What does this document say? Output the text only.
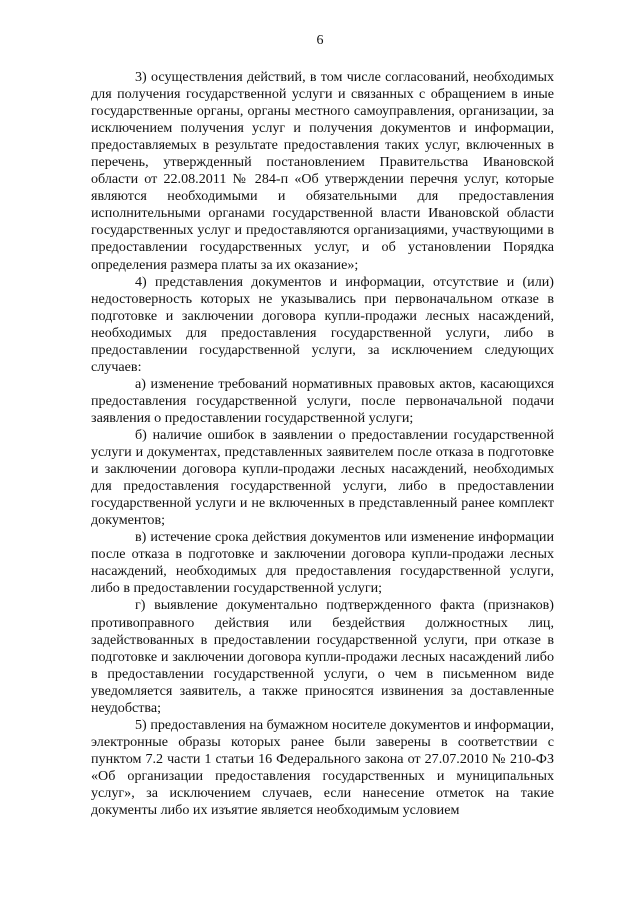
6

3) осуществления действий, в том числе согласований, необходимых для получения государственной услуги и связанных с обращением в иные государственные органы, органы местного самоуправления, организации, за исключением получения услуг и получения документов и информации, предоставляемых в результате предоставления таких услуг, включенных в перечень, утвержденный постановлением Правительства Ивановской области от 22.08.2011 № 284-п «Об утверждении перечня услуг, которые являются необходимыми и обязательными для предоставления исполнительными органами государственной власти Ивановской области государственных услуг и предоставляются организациями, участвующими в предоставлении государственных услуг, и об установлении Порядка определения размера платы за их оказание»;

4) представления документов и информации, отсутствие и (или) недостоверность которых не указывались при первоначальном отказе в подготовке и заключении договора купли-продажи лесных насаждений, необходимых для предоставления государственной услуги, либо в предоставлении государственной услуги, за исключением следующих случаев:

а) изменение требований нормативных правовых актов, касающихся предоставления государственной услуги, после первоначальной подачи заявления о предоставлении государственной услуги;

б) наличие ошибок в заявлении о предоставлении государственной услуги и документах, представленных заявителем после отказа в подготовке и заключении договора купли-продажи лесных насаждений, необходимых для предоставления государственной услуги, либо в предоставлении государственной услуги и не включенных в представленный ранее комплект документов;

в) истечение срока действия документов или изменение информации после отказа в подготовке и заключении договора купли-продажи лесных насаждений, необходимых для предоставления государственной услуги, либо в предоставлении государственной услуги;

г) выявление документально подтвержденного факта (признаков) противоправного действия или бездействия должностных лиц, задействованных в предоставлении государственной услуги, при отказе в подготовке и заключении договора купли-продажи лесных насаждений либо в предоставлении государственной услуги, о чем в письменном виде уведомляется заявитель, а также приносятся извинения за доставленные неудобства;

5) предоставления на бумажном носителе документов и информации, электронные образы которых ранее были заверены в соответствии с пунктом 7.2 части 1 статьи 16 Федерального закона от 27.07.2010 № 210-ФЗ «Об организации предоставления государственных и муниципальных услуг», за исключением случаев, если нанесение отметок на такие документы либо их изъятие является необходимым условием
